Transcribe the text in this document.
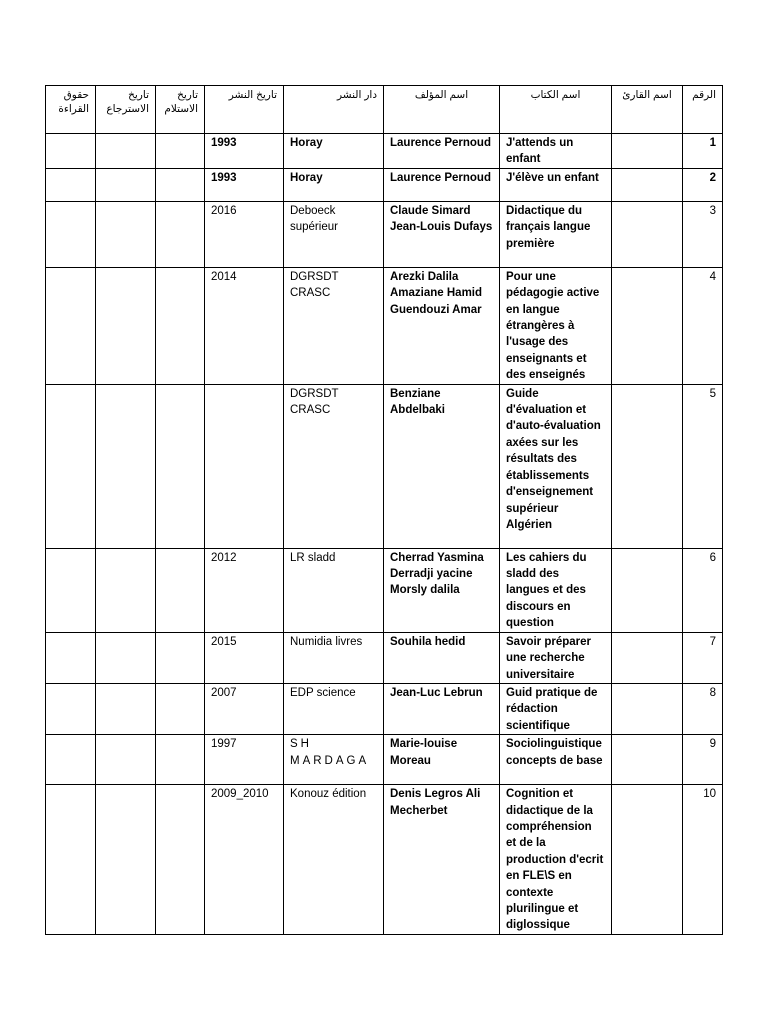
حقوق القراءة	تاريخ الاسترجاع	تاريخ الاستلام	تاريخ النشر	دار النشر	اسم المؤلف	اسم الكتاب	اسم القارئ	الرقم
			1993	Horay	Laurence Pernoud	J'attends un enfant		1
			1993	Horay	Laurence Pernoud	J'élève un enfant		2
			2016	Deboeck supérieur	Claude Simard Jean-Louis Dufays	Didactique du français langue première		3
			2014	DGRSDT CRASC	Arezki Dalila Amaziane Hamid Guendouzi Amar	Pour une pédagogie active en langue étrangères à l'usage des enseignants et des enseignés		4
				DGRSDT CRASC	Benziane Abdelbaki	Guide d'évaluation et d'auto-évaluation axées sur les résultats des établissements d'enseignement supérieur Algérien		5
			2012	LR sladd	Cherrad Yasmina Derradji yacine Morsly dalila	Les cahiers du sladd des langues et des discours en question		6
			2015	Numidia livres	Souhila hedid	Savoir préparer une recherche universitaire		7
			2007	EDP science	Jean-Luc Lebrun	Guid pratique de rédaction scientifique		8
			1997	SH MARDAGA	Marie-louise Moreau	Sociolinguistique concepts de base		9
			2009_2010	Konouz édition	Denis Legros Ali Mecherbet	Cognition et didactique de la compréhension et de la production d'ecrit en FLE\S en contexte plurilingue et diglossique		10
